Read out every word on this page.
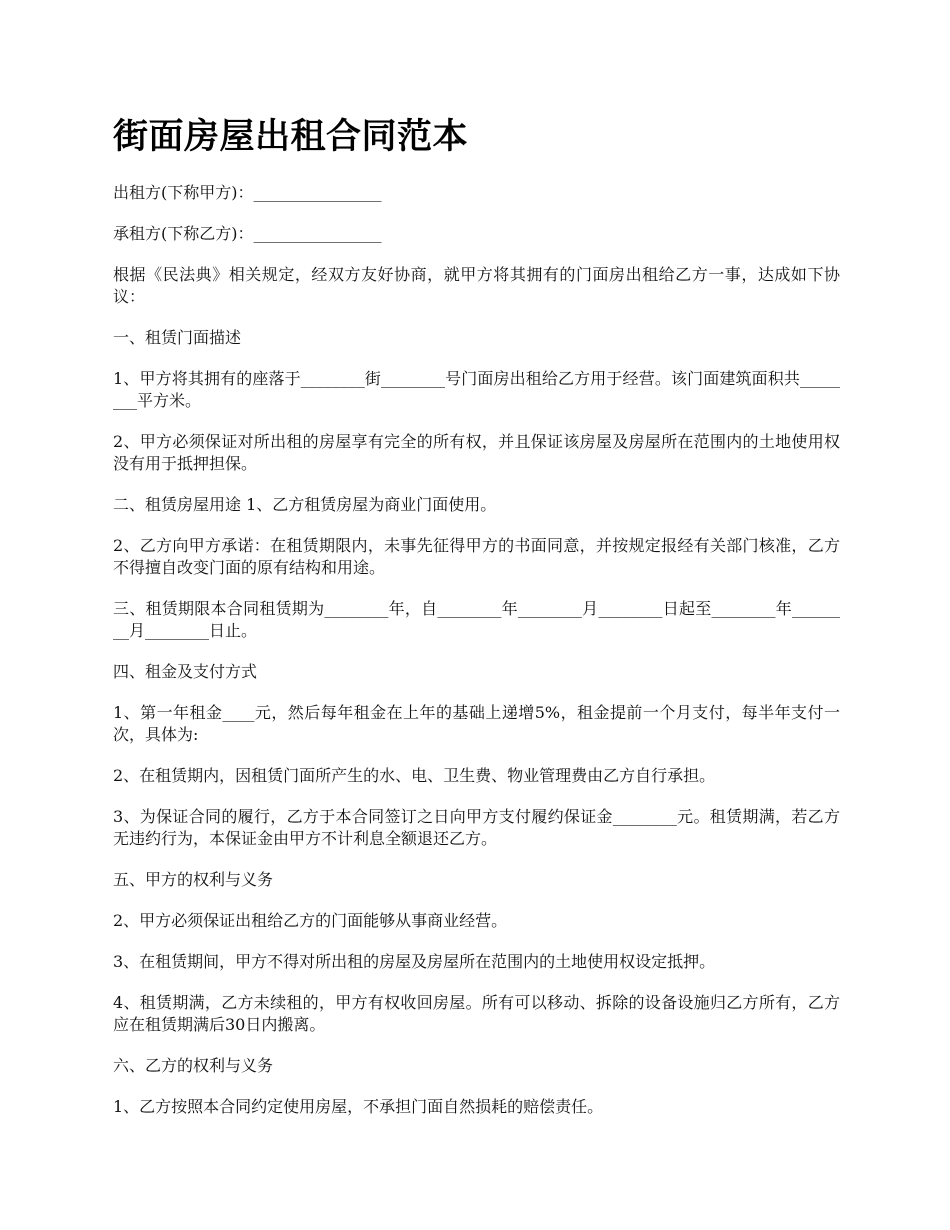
街面房屋出租合同范本

出租方(下称甲方)：________________

承租方(下称乙方)：________________

根据《民法典》相关规定，经双方友好协商，就甲方将其拥有的门面房出租给乙方一事，达成如下协议：

一、租赁门面描述

1、甲方将其拥有的座落于________街________号门面房出租给乙方用于经营。该门面建筑面积共________平方米。

2、甲方必须保证对所出租的房屋享有完全的所有权，并且保证该房屋及房屋所在范围内的土地使用权没有用于抵押担保。

二、租赁房屋用途 1、乙方租赁房屋为商业门面使用。

2、乙方向甲方承诺：在租赁期限内，未事先征得甲方的书面同意，并按规定报经有关部门核准，乙方不得擅自改变门面的原有结构和用途。

三、租赁期限本合同租赁期为________年，自________年________月________日起至________年________月________日止。

四、租金及支付方式

1、第一年租金____元，然后每年租金在上年的基础上递增5%，租金提前一个月支付，每半年支付一次，具体为:

2、在租赁期内，因租赁门面所产生的水、电、卫生费、物业管理费由乙方自行承担。

3、为保证合同的履行，乙方于本合同签订之日向甲方支付履约保证金________元。租赁期满，若乙方无违约行为，本保证金由甲方不计利息全额退还乙方。

五、甲方的权利与义务

2、甲方必须保证出租给乙方的门面能够从事商业经营。

3、在租赁期间，甲方不得对所出租的房屋及房屋所在范围内的土地使用权设定抵押。

4、租赁期满，乙方未续租的，甲方有权收回房屋。所有可以移动、拆除的设备设施归乙方所有，乙方应在租赁期满后30日内搬离。

六、乙方的权利与义务

1、乙方按照本合同约定使用房屋，不承担门面自然损耗的赔偿责任。
